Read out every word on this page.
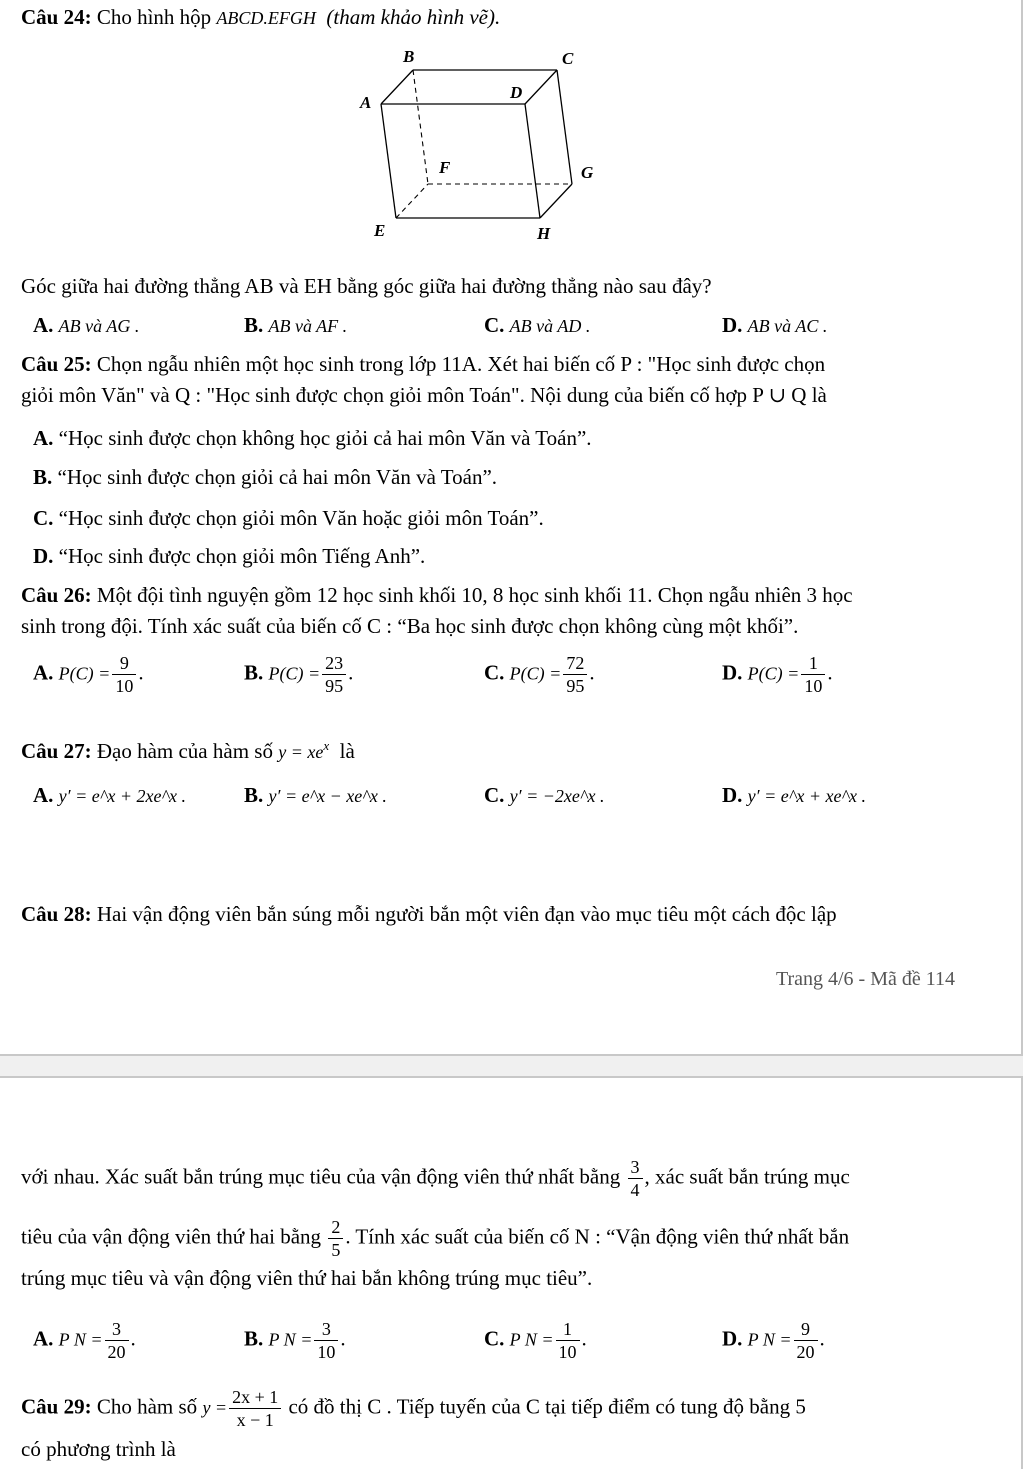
Câu 24: Cho hình hộp ABCD.EFGH (tham khảo hình vẽ).
B	C
A
D
F	G
E	H
Góc giữa hai đường thẳng AB và EH bằng góc giữa hai đường thẳng nào sau đây?
A. AB và AG .	B. AB và AF .	C. AB và AD .	D. AB và AC .
Câu 25: Chọn ngẫu nhiên một học sinh trong lớp 11A. Xét hai biến cố P : "Học sinh được chọn
giỏi môn Văn" và Q : "Học sinh được chọn giỏi môn Toán". Nội dung của biến cố hợp P ∪ Q là
A. “Học sinh được chọn không học giỏi cả hai môn Văn và Toán”.
B. “Học sinh được chọn giỏi cả hai môn Văn và Toán”.
C. “Học sinh được chọn giỏi môn Văn hoặc giỏi môn Toán”.
D. “Học sinh được chọn giỏi môn Tiếng Anh”.
Câu 26: Một đội tình nguyện gồm 12 học sinh khối 10, 8 học sinh khối 11. Chọn ngẫu nhiên 3 học
sinh trong đội. Tính xác suất của biến cố C : “Ba học sinh được chọn không cùng một khối”.
A. $P(C) = \frac{9}{10}$ .	B. $P(C) = \frac{23}{95}$ .	C. $P(C) = \frac{72}{95}$ .	D. $P(C) = \frac{1}{10}$ .
Câu 27: Đạo hàm của hàm số $y = xe^x$ là
A. y′ = e^x + 2xe^x .	B. y′ = e^x − xe^x .	C. y′ = −2xe^x .	D. y′ = e^x + xe^x .
Câu 28: Hai vận động viên bắn súng mỗi người bắn một viên đạn vào mục tiêu một cách độc lập
Trang 4/6 - Mã đề 114
với nhau. Xác suất bắn trúng mục tiêu của vận động viên thứ nhất bằng $\frac{3}{4}$ , xác suất bắn trúng mục
tiêu của vận động viên thứ hai bằng $\frac{2}{5}$ . Tính xác suất của biến cố N : “Vận động viên thứ nhất bắn
trúng mục tiêu và vận động viên thứ hai bắn không trúng mục tiêu”.
A. P $N = \frac{3}{20}$ .	B. P $N = \frac{3}{10}$ .	C. P $N = \frac{1}{10}$ .	D. P $N = \frac{9}{20}$ .
Câu 29: Cho hàm số $y = \frac{2x + 1}{x - 1}$ có đồ thị C . Tiếp tuyến của C tại tiếp điểm có tung độ bằng 5
có phương trình là
